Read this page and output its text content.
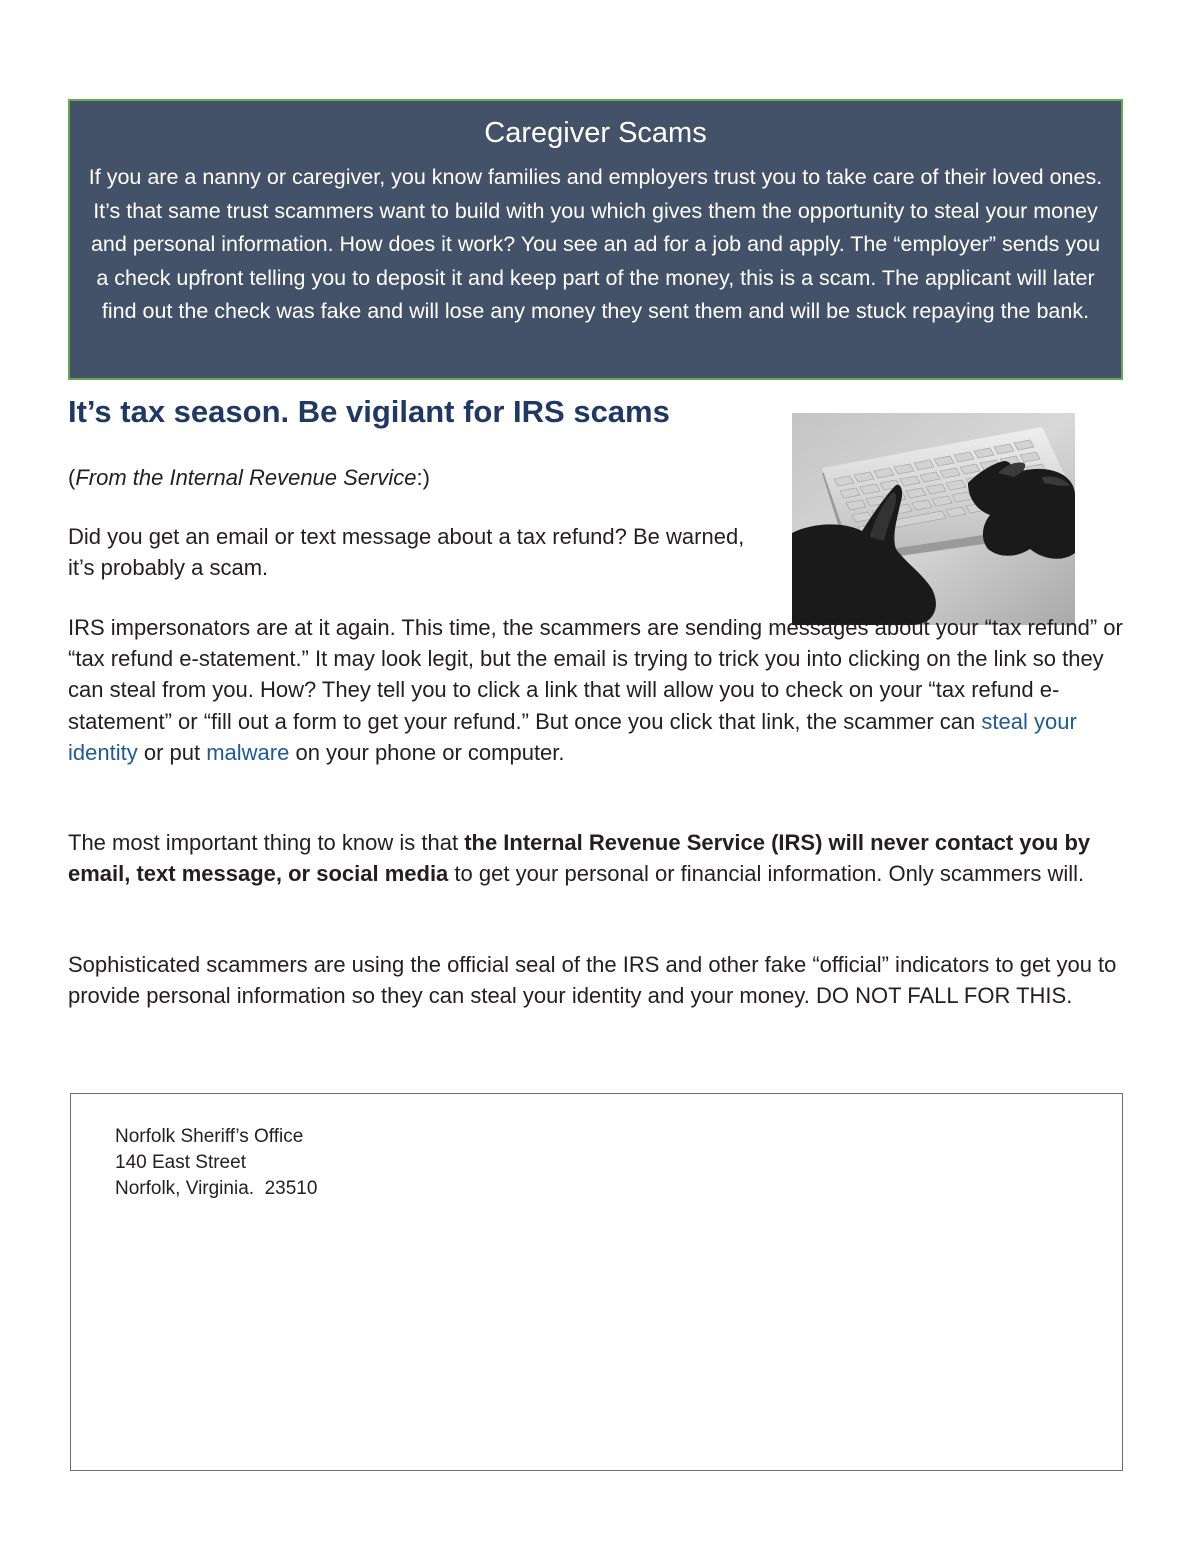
Caregiver Scams

If you are a nanny or caregiver, you know families and employers trust you to take care of their loved ones. It’s that same trust scammers want to build with you which gives them the opportunity to steal your money and personal information. How does it work? You see an ad for a job and apply. The “employer” sends you a check upfront telling you to deposit it and keep part of the money, this is a scam. The applicant will later find out the check was fake and will lose any money they sent them and will be stuck repaying the bank.

It’s tax season. Be vigilant for IRS scams

(From the Internal Revenue Service:)

Did you get an email or text message about a tax refund? Be warned, it’s probably a scam.

IRS impersonators are at it again. This time, the scammers are sending messages about your “tax refund” or “tax refund e-statement.” It may look legit, but the email is trying to trick you into clicking on the link so they can steal from you. How? They tell you to click a link that will allow you to check on your “tax refund e-statement” or “fill out a form to get your refund.” But once you click that link, the scammer can steal your identity or put malware on your phone or computer.

The most important thing to know is that the Internal Revenue Service (IRS) will never contact you by email, text message, or social media to get your personal or financial information. Only scammers will.

Sophisticated scammers are using the official seal of the IRS and other fake “official” indicators to get you to provide personal information so they can steal your identity and your money. DO NOT FALL FOR THIS.

Norfolk Sheriff’s Office
140 East Street
Norfolk, Virginia.  23510
